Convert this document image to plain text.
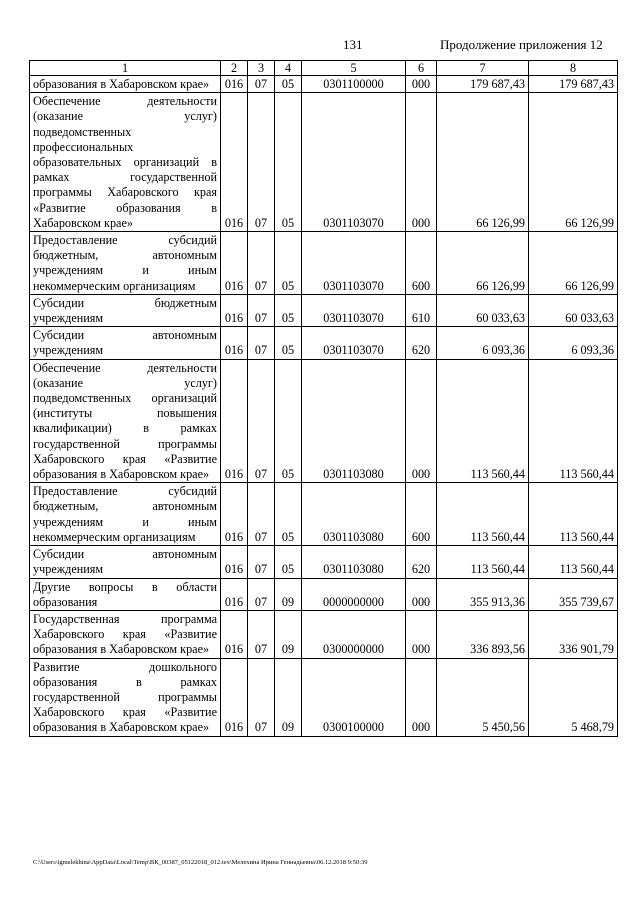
131	Продолжение приложения 12
1	2	3	4	5	6	7	8
образования в Хабаровском крае»	016	07	05	0301100000	000	179 687,43	179 687,43
Обеспечение деятельности (оказание услуг) подведомственных профессиональных образовательных организаций в рамках государственной программы Хабаровского края «Развитие образования в Хабаровском крае»	016	07	05	0301103070	000	66 126,99	66 126,99
Предоставление субсидий бюджетным, автономным учреждениям и иным некоммерческим организациям	016	07	05	0301103070	600	66 126,99	66 126,99
Субсидии бюджетным учреждениям	016	07	05	0301103070	610	60 033,63	60 033,63
Субсидии автономным учреждениям	016	07	05	0301103070	620	6 093,36	6 093,36
Обеспечение деятельности (оказание услуг) подведомственных организаций (институты повышения квалификации) в рамках государственной программы Хабаровского края «Развитие образования в Хабаровском крае»	016	07	05	0301103080	000	113 560,44	113 560,44
Предоставление субсидий бюджетным, автономным учреждениям и иным некоммерческим организациям	016	07	05	0301103080	600	113 560,44	113 560,44
Субсидии автономным учреждениям	016	07	05	0301103080	620	113 560,44	113 560,44
Другие вопросы в области образования	016	07	09	0000000000	000	355 913,36	355 739,67
Государственная программа Хабаровского края «Развитие образования в Хабаровском крае»	016	07	09	0300000000	000	336 893,56	336 901,79
Развитие дошкольного образования в рамках государственной программы Хабаровского края «Развитие образования в Хабаровском крае»	016	07	09	0300100000	000	5 450,56	5 468,79
C:\Users\igmelekhina\AppData\Local\Temp\ВК_00387_05122018_012.tex\Мелехина Ирина Геннадьевна\06.12.2018 9:50:39
